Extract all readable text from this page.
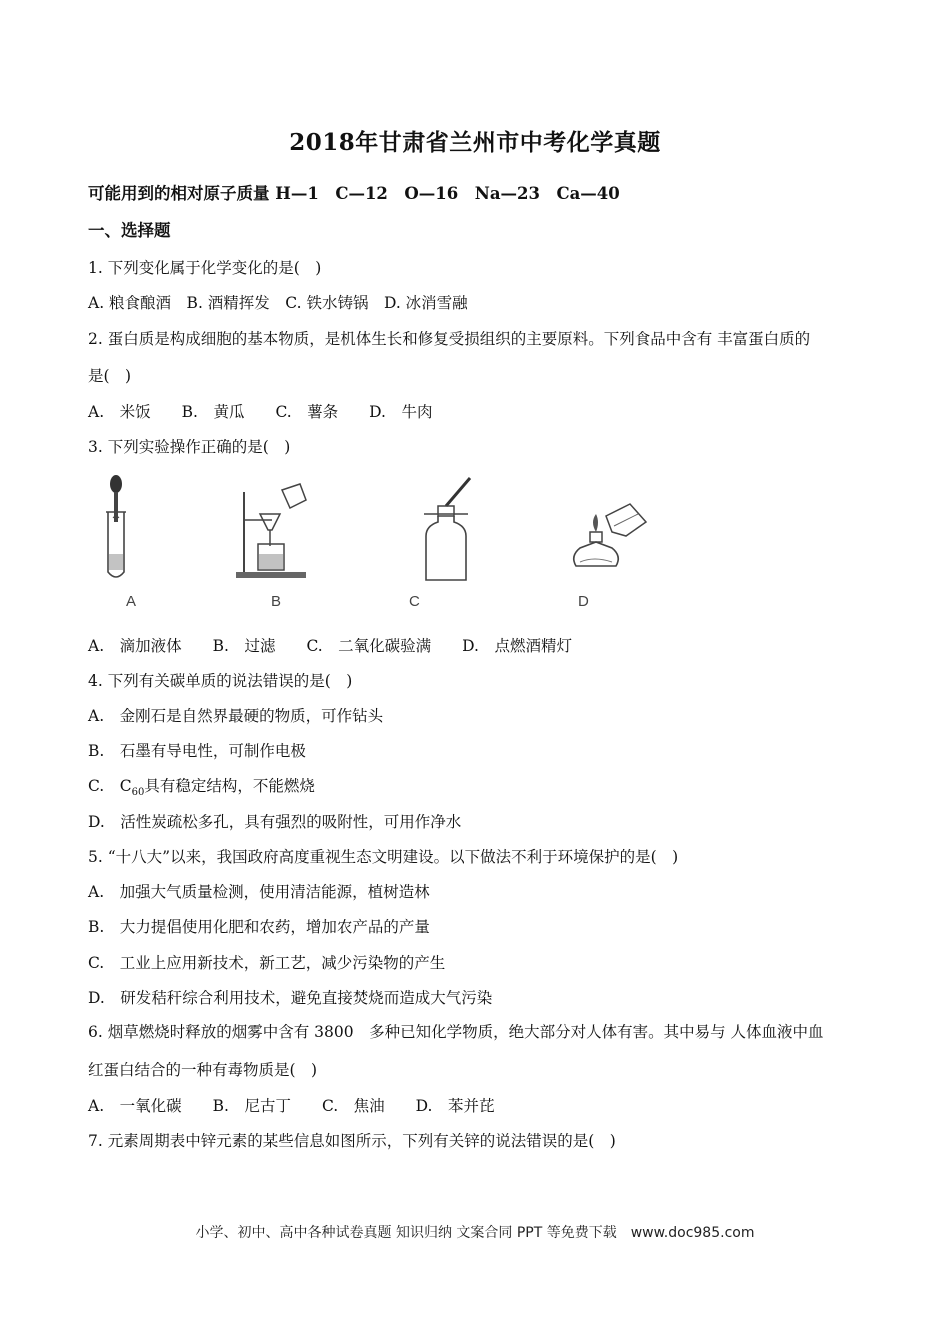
2018年甘肃省兰州市中考化学真题
可能用到的相对原子质量 H—1　C—12　O—16　Na—23　Ca—40
一、选择题
1. 下列变化属于化学变化的是(　)
A. 粮食酿酒　B. 酒精挥发　C. 铁水铸锅　D. 冰消雪融
2. 蛋白质是构成细胞的基本物质，是机体生长和修复受损组织的主要原料。下列食品中含有 丰富蛋白质的
是(　)
A.　米饭　　B.　黄瓜　　C.　薯条　　D.　牛肉
3. 下列实验操作正确的是(　)
A	B	C	D
A.　滴加液体　　B.　过滤　　C.　二氧化碳验满　　D.　点燃酒精灯
4. 下列有关碳单质的说法错误的是(　)
A.　金刚石是自然界最硬的物质，可作钻头
B.　石墨有导电性，可制作电极
C.　$C_{60}$具有稳定结构，不能燃烧
D.　活性炭疏松多孔，具有强烈的吸附性，可用作净水
5. “十八大”以来，我国政府高度重视生态文明建设。以下做法不利于环境保护的是(　)
A.　加强大气质量检测，使用清洁能源，植树造林
B.　大力提倡使用化肥和农药，增加农产品的产量
C.　工业上应用新技术，新工艺，减少污染物的产生
D.　研发秸秆综合利用技术，避免直接焚烧而造成大气污染
6. 烟草燃烧时释放的烟雾中含有 3800　多种已知化学物质，绝大部分对人体有害。其中易与 人体血液中血
红蛋白结合的一种有毒物质是(　)
A.　一氧化碳　　B.　尼古丁　　C.　焦油　　D.　苯并芘
7. 元素周期表中锌元素的某些信息如图所示，下列有关锌的说法错误的是(　)
小学、初中、高中各种试卷真题 知识归纳 文案合同 PPT 等免费下载　www.doc985.com
